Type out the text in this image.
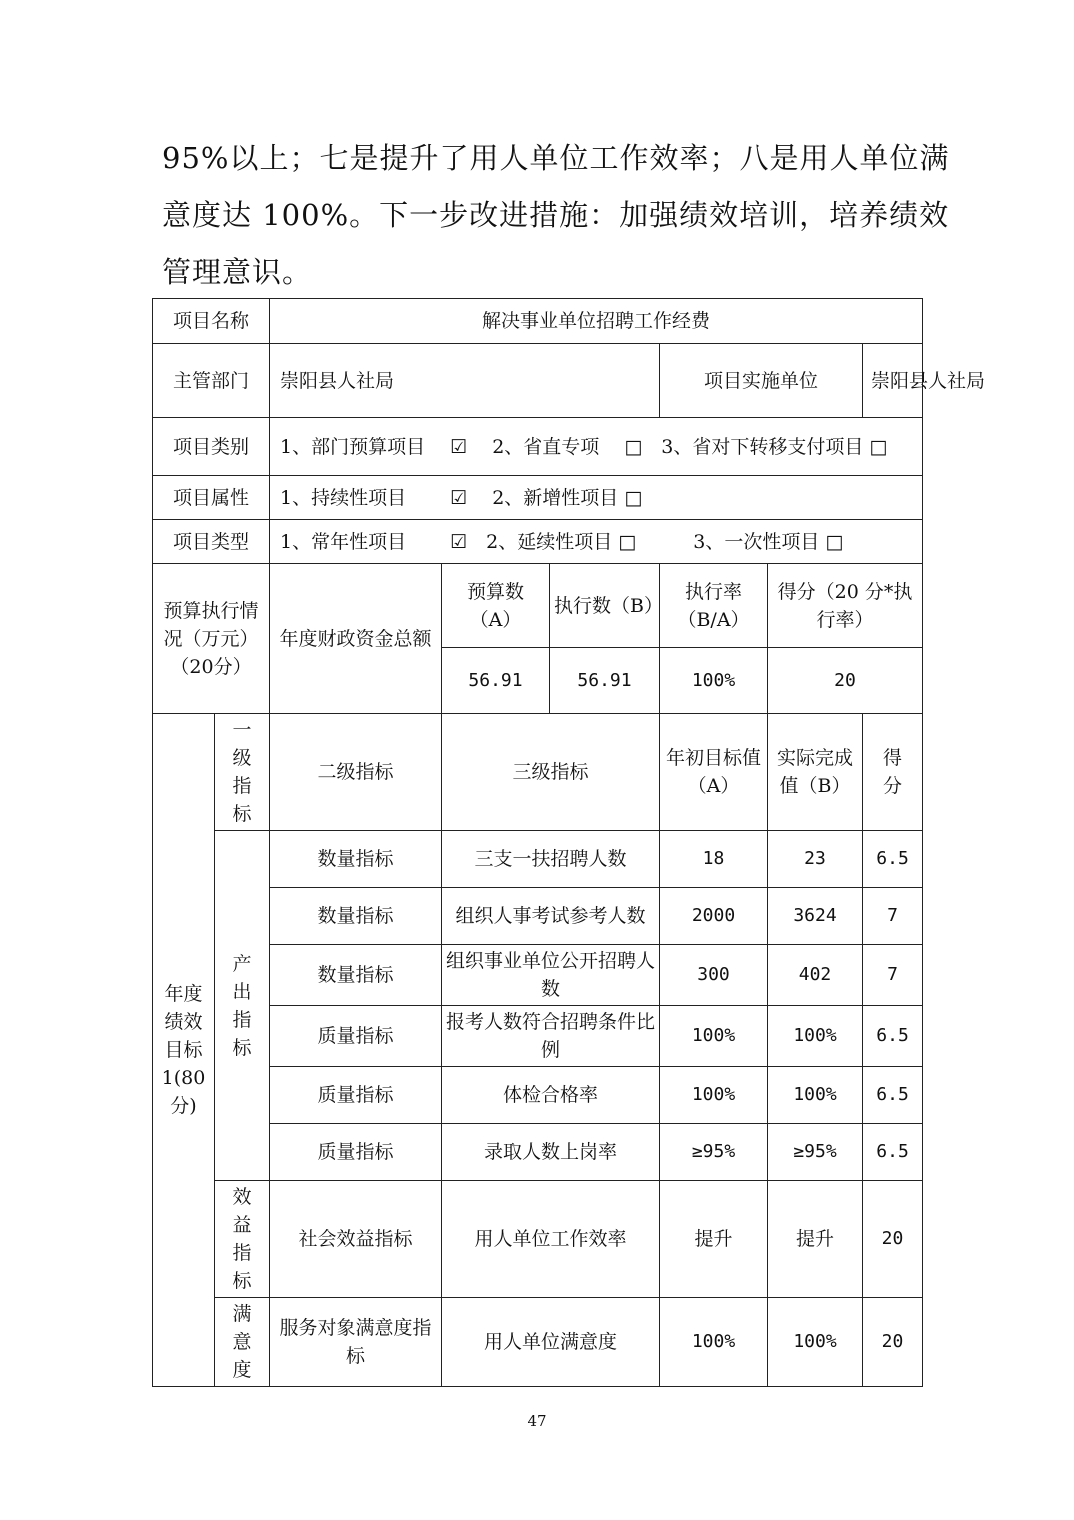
95%以上；七是提升了用人单位工作效率；八是用人单位满

意度达 100%。下一步改进措施：加强绩效培训，培养绩效

管理意识。

项目名称		解决事业单位招聘工作经费					
主管部门		崇阳县人社局			项目实施单位		崇阳县人社局
项目类别		1、部门预算项目　 ☑　 2、省直专项　 □　3、省对下转移支付项目 □					
项目属性		1、持续性项目　　 ☑　 2、新增性项目 □					
项目类型		1、常年性项目　　 ☑　2、延续性项目 □　　　3、一次性项目 □					
预算执行情况（万元）（20分）		年度财政资金总额	预算数（A）	执行数（B）	执行率（B/A）	得分（20 分*执行率）	
			56.91	56.91	100%	20	
年度绩效目标1(80分)	一级指标	二级指标	三级指标		年初目标值（A）	实际完成值（B）	得分
	产出指标	数量指标	三支一扶招聘人数		18	23	6.5
		数量指标	组织人事考试参考人数		2000	3624	7
		数量指标	组织事业单位公开招聘人数		300	402	7
		质量指标	报考人数符合招聘条件比例		100%	100%	6.5
		质量指标	体检合格率		100%	100%	6.5
		质量指标	录取人数上岗率		≥95%	≥95%	6.5
	效益指标	社会效益指标	用人单位工作效率		提升	提升	20
	满意度	服务对象满意度指标	用人单位满意度		100%	100%	20
47
